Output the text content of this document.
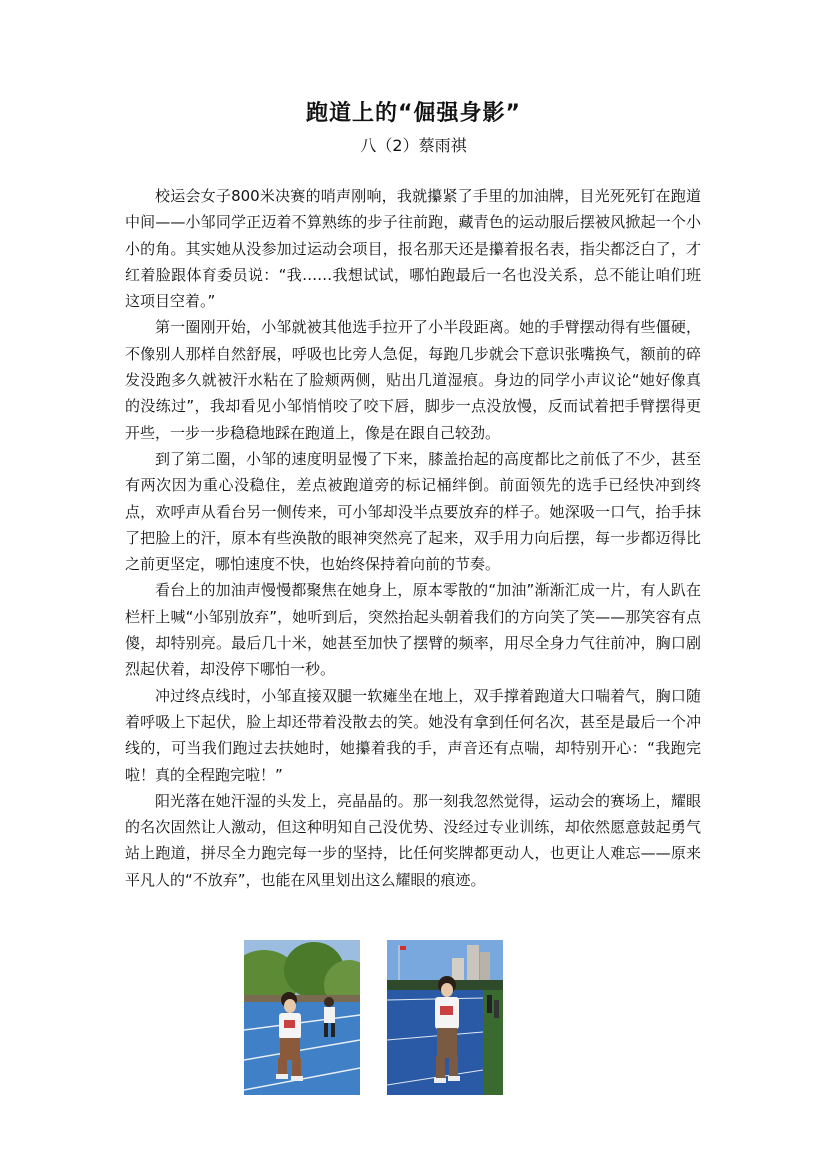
跑道上的“倔强身影”
八（2）蔡雨祺

校运会女子800米决赛的哨声刚响，我就攥紧了手里的加油牌，目光死死钉在跑道中间——小邹同学正迈着不算熟练的步子往前跑，藏青色的运动服后摆被风掀起一个小小的角。其实她从没参加过运动会项目，报名那天还是攥着报名表，指尖都泛白了，才红着脸跟体育委员说：“我……我想试试，哪怕跑最后一名也没关系，总不能让咱们班这项目空着。”

第一圈刚开始，小邹就被其他选手拉开了小半段距离。她的手臂摆动得有些僵硬，不像别人那样自然舒展，呼吸也比旁人急促，每跑几步就会下意识张嘴换气，额前的碎发没跑多久就被汗水粘在了脸颊两侧，贴出几道湿痕。身边的同学小声议论“她好像真的没练过”，我却看见小邹悄悄咬了咬下唇，脚步一点没放慢，反而试着把手臂摆得更开些，一步一步稳稳地踩在跑道上，像是在跟自己较劲。

到了第二圈，小邹的速度明显慢了下来，膝盖抬起的高度都比之前低了不少，甚至有两次因为重心没稳住，差点被跑道旁的标记桶绊倒。前面领先的选手已经快冲到终点，欢呼声从看台另一侧传来，可小邹却没半点要放弃的样子。她深吸一口气，抬手抹了把脸上的汗，原本有些涣散的眼神突然亮了起来，双手用力向后摆，每一步都迈得比之前更坚定，哪怕速度不快，也始终保持着向前的节奏。

看台上的加油声慢慢都聚焦在她身上，原本零散的“加油”渐渐汇成一片，有人趴在栏杆上喊“小邹别放弃”，她听到后，突然抬起头朝着我们的方向笑了笑——那笑容有点傻，却特别亮。最后几十米，她甚至加快了摆臂的频率，用尽全身力气往前冲，胸口剧烈起伏着，却没停下哪怕一秒。

冲过终点线时，小邹直接双腿一软瘫坐在地上，双手撑着跑道大口喘着气，胸口随着呼吸上下起伏，脸上却还带着没散去的笑。她没有拿到任何名次，甚至是最后一个冲线的，可当我们跑过去扶她时，她攥着我的手，声音还有点喘，却特别开心：“我跑完啦！真的全程跑完啦！”

阳光落在她汗湿的头发上，亮晶晶的。那一刻我忽然觉得，运动会的赛场上，耀眼的名次固然让人激动，但这种明知自己没优势、没经过专业训练，却依然愿意鼓起勇气站上跑道，拼尽全力跑完每一步的坚持，比任何奖牌都更动人，也更让人难忘——原来平凡人的“不放弃”，也能在风里划出这么耀眼的痕迹。
